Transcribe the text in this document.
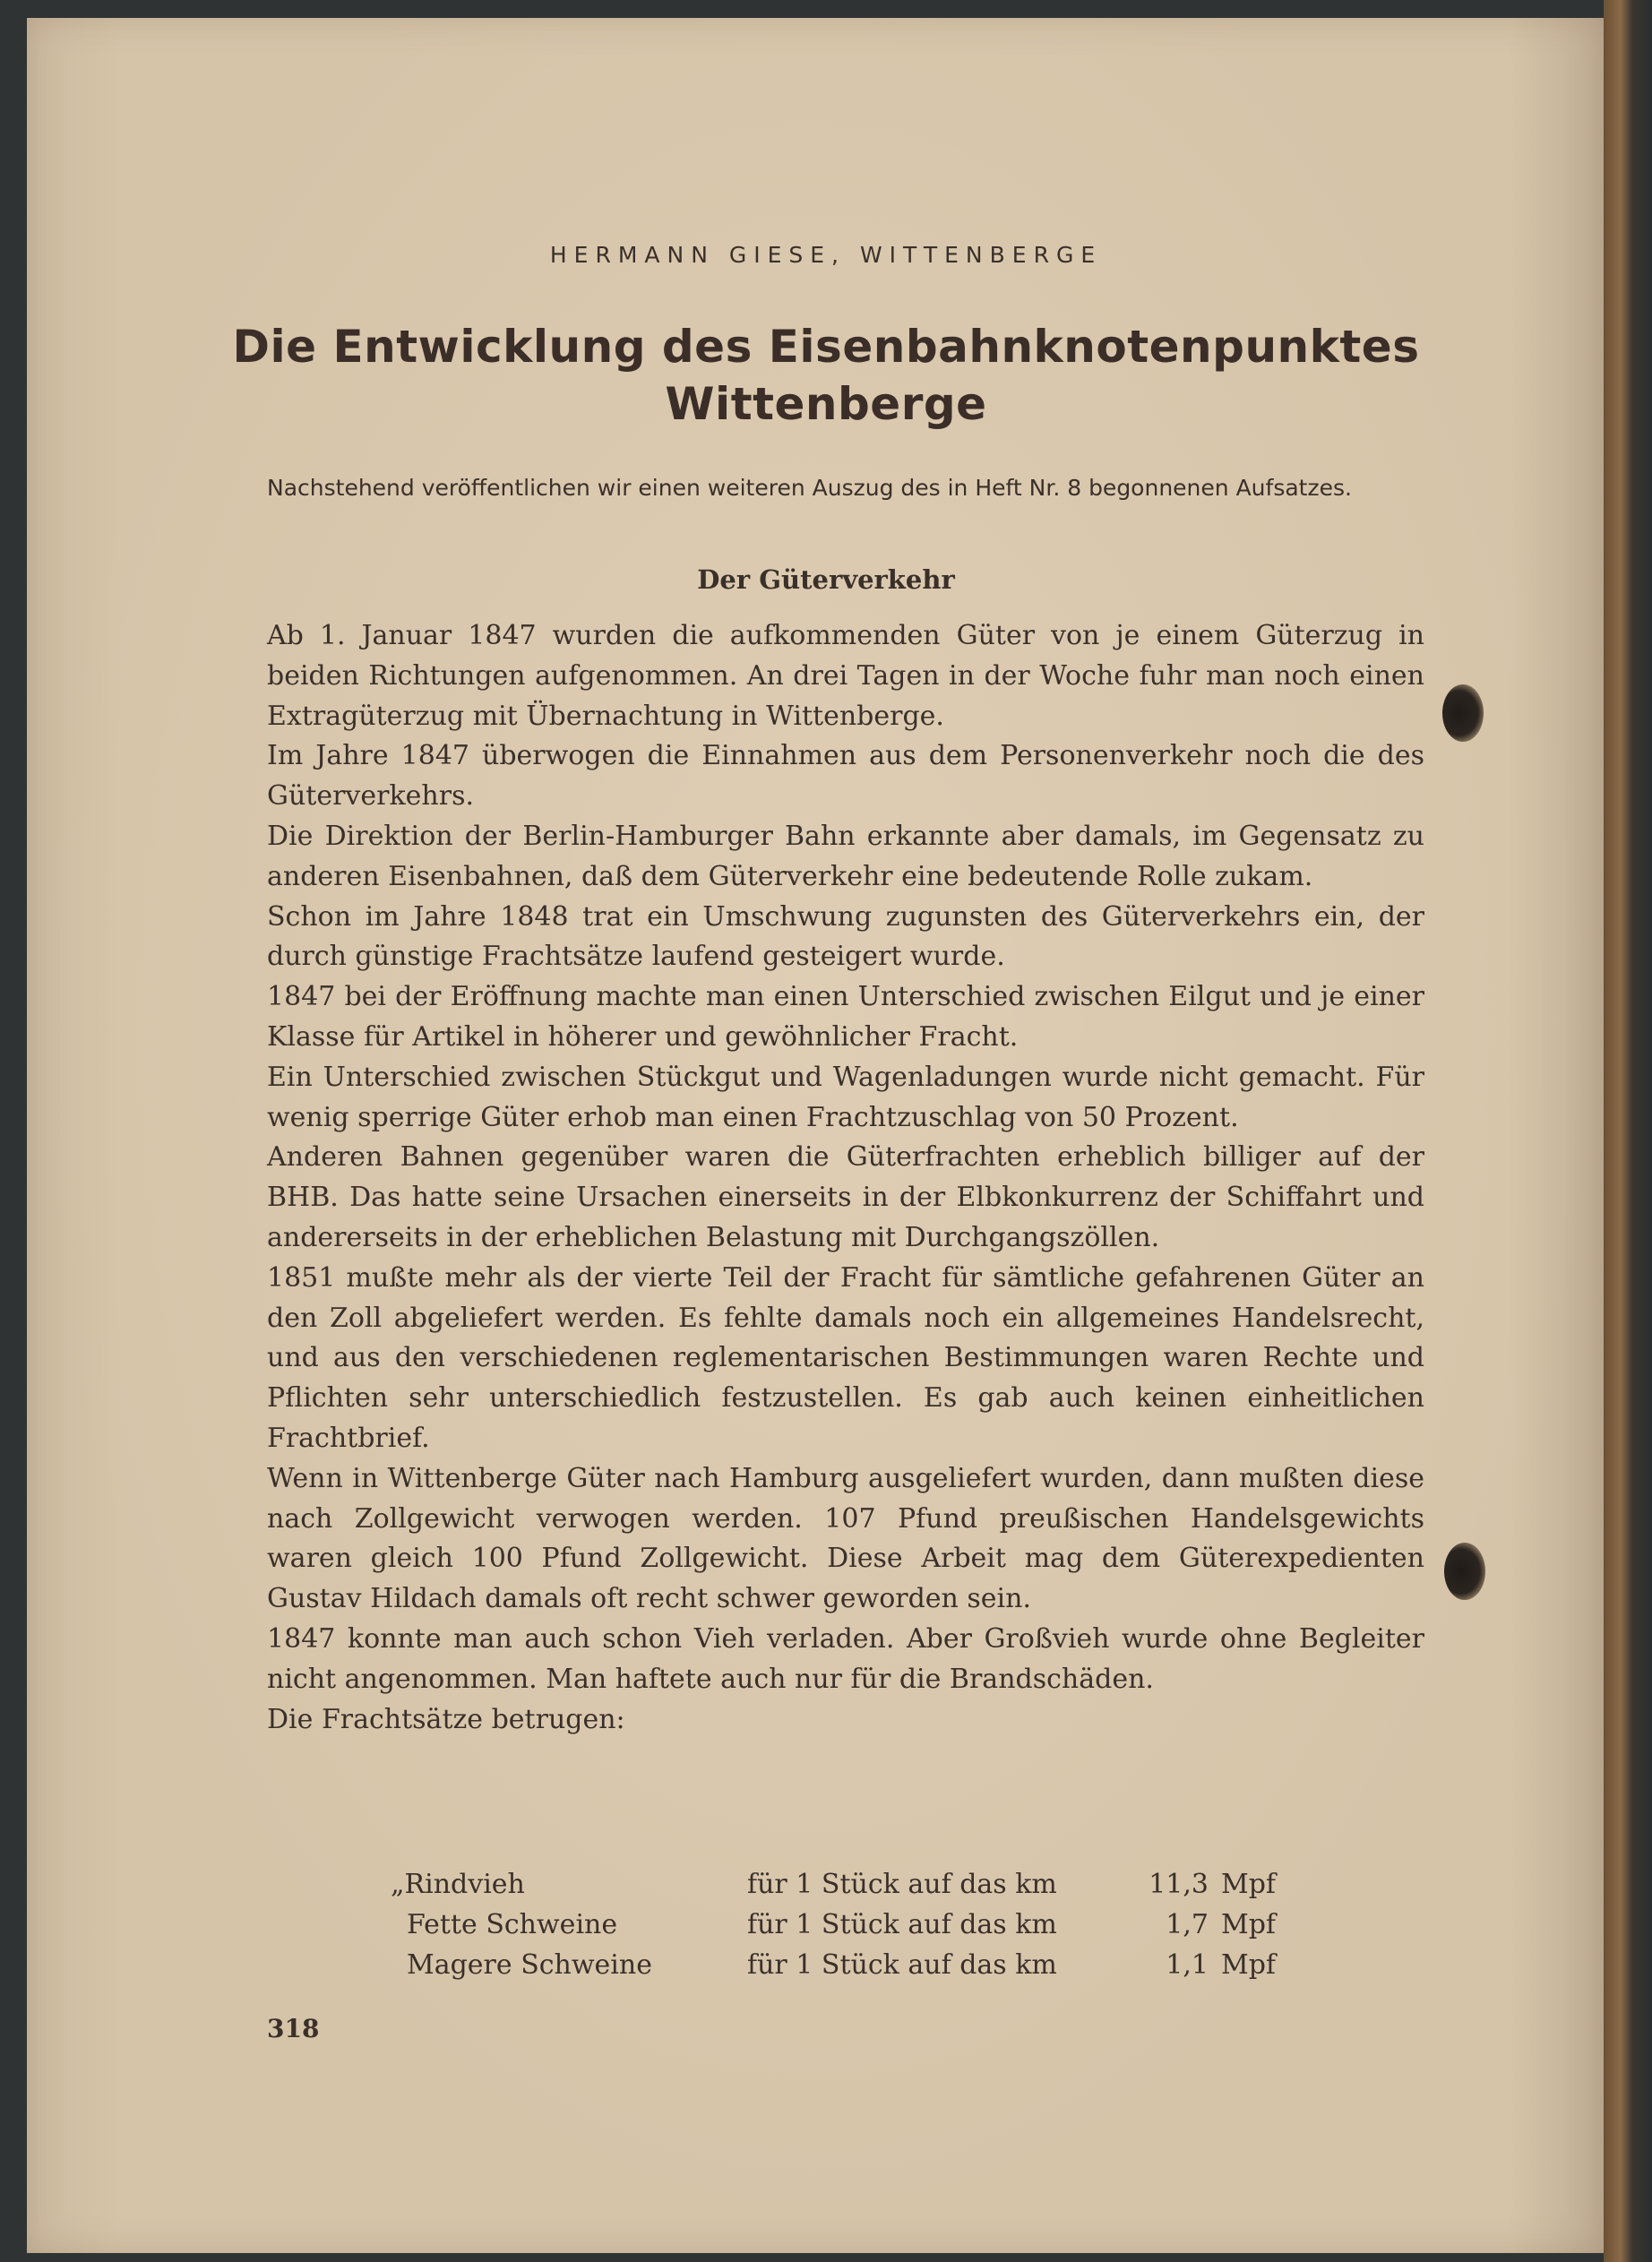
HERMANN GIESE, WITTENBERGE
Die Entwicklung des Eisenbahnknotenpunktes
Wittenberge
Nachstehend veröffentlichen wir einen weiteren Auszug des in Heft Nr. 8 begonnenen Aufsatzes.
Der Güterverkehr

Ab 1. Januar 1847 wurden die aufkommenden Güter von je einem Güterzug in beiden Richtungen aufgenommen. An drei Tagen in der Woche fuhr man noch einen Extragüterzug mit Übernachtung in Wittenberge.

Im Jahre 1847 überwogen die Einnahmen aus dem Personenverkehr noch die des Güterverkehrs.

Die Direktion der Berlin-Hamburger Bahn erkannte aber damals, im Gegensatz zu anderen Eisenbahnen, daß dem Güterverkehr eine bedeutende Rolle zukam.

Schon im Jahre 1848 trat ein Umschwung zugunsten des Güterverkehrs ein, der durch günstige Frachtsätze laufend gesteigert wurde.

1847 bei der Eröffnung machte man einen Unterschied zwischen Eilgut und je einer Klasse für Artikel in höherer und gewöhnlicher Fracht.

Ein Unterschied zwischen Stückgut und Wagenladungen wurde nicht gemacht. Für wenig sperrige Güter erhob man einen Frachtzuschlag von 50 Prozent.

Anderen Bahnen gegenüber waren die Güterfrachten erheblich billiger auf der BHB. Das hatte seine Ursachen einerseits in der Elbkonkurrenz der Schiffahrt und andererseits in der erheblichen Belastung mit Durchgangszöllen.

1851 mußte mehr als der vierte Teil der Fracht für sämtliche gefahrenen Güter an den Zoll abgeliefert werden. Es fehlte damals noch ein allgemeines Handelsrecht, und aus den verschiedenen reglementarischen Bestimmungen waren Rechte und Pflichten sehr unterschiedlich festzustellen. Es gab auch keinen einheitlichen Frachtbrief.

Wenn in Wittenberge Güter nach Hamburg ausgeliefert wurden, dann mußten diese nach Zollgewicht verwogen werden. 107 Pfund preußischen Handelsgewichts waren gleich 100 Pfund Zollgewicht. Diese Arbeit mag dem Güterexpedienten Gustav Hildach damals oft recht schwer geworden sein.

1847 konnte man auch schon Vieh verladen. Aber Großvieh wurde ohne Begleiter nicht angenommen. Man haftete auch nur für die Brandschäden.

Die Frachtsätze betrugen:

„Rindvieh	für 1 Stück auf das km	11,3	Mpf
Fette Schweine	für 1 Stück auf das km	1,7	Mpf
Magere Schweine	für 1 Stück auf das km	1,1	Mpf
318
